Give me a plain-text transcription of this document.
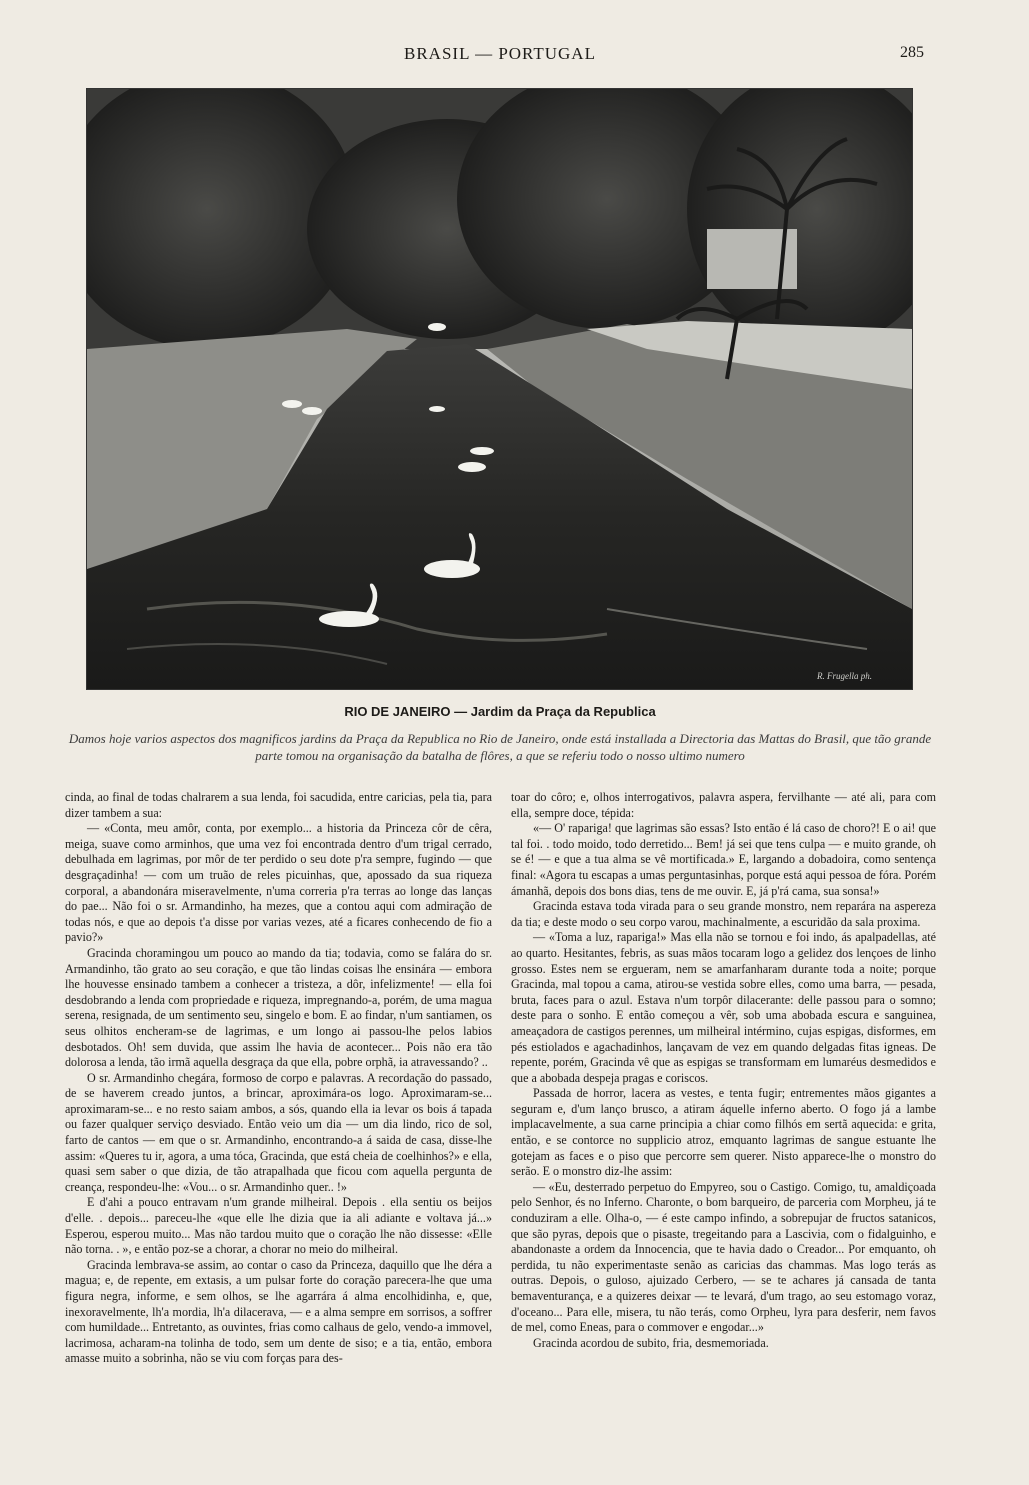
BRASIL — PORTUGAL	285
R. Frugella ph.
RIO DE JANEIRO — Jardim da Praça da Republica
Damos hoje varios aspectos dos magnificos jardins da Praça da Republica no Rio de Janeiro, onde está installada a Directoria das Mattas do Brasil, que tão grande parte tomou na organisação da batalha de flôres, a que se referiu todo o nosso ultimo numero

cinda, ao final de todas chalrarem a sua lenda, foi sacudida, entre caricias, pela tia, para dizer tambem a sua:

— «Conta, meu amôr, conta, por exemplo... a historia da Princeza côr de cêra, meiga, suave como arminhos, que uma vez foi encontrada dentro d'um trigal cerrado, debulhada em lagrimas, por môr de ter perdido o seu dote p'ra sempre, fugindo — que desgraçadinha! — com um truão de reles picuinhas, que, apossado da sua riqueza corporal, a abandonára miseravelmente, n'uma correria p'ra terras ao longe das lanças do pae... Não foi o sr. Armandinho, ha mezes, que a contou aqui com admiração de todas nós, e que ao depois t'a disse por varias vezes, até a ficares conhecendo de fio a pavio?»

Gracinda choramingou um pouco ao mando da tia; todavia, como se falára do sr. Armandinho, tão grato ao seu coração, e que tão lindas coisas lhe ensinára — embora lhe houvesse ensinado tambem a conhecer a tristeza, a dôr, infelizmente! — ella foi desdobrando a lenda com propriedade e riqueza, impregnando-a, porém, de uma magua serena, resignada, de um sentimento seu, singelo e bom. E ao findar, n'um santiamen, os seus olhitos encheram-se de lagrimas, e um longo ai passou-lhe pelos labios desbotados. Oh! sem duvida, que assim lhe havia de acontecer... Pois não era tão dolorosa a lenda, tão irmã aquella desgraça da que ella, pobre orphã, ia atravessando? ..

O sr. Armandinho chegára, formoso de corpo e palavras. A recordação do passado, de se haverem creado juntos, a brincar, aproximára-os logo. Aproximaram-se... aproximaram-se... e no resto saiam ambos, a sós, quando ella ia levar os bois á tapada ou fazer qualquer serviço desviado. Então veio um dia — um dia lindo, rico de sol, farto de cantos — em que o sr. Armandinho, encontrando-a á saida de casa, disse-lhe assim: «Queres tu ir, agora, a uma tóca, Gracinda, que está cheia de coelhinhos?» e ella, quasi sem saber o que dizia, de tão atrapalhada que ficou com aquella pergunta de creança, respondeu-lhe: «Vou... o sr. Armandinho quer.. !»

E d'ahi a pouco entravam n'um grande milheiral. Depois . ella sentiu os beijos d'elle. . depois... pareceu-lhe «que elle lhe dizia que ia ali adiante e voltava já...» Esperou, esperou muito... Mas não tardou muito que o coração lhe não dissesse: «Elle não torna. . », e então poz-se a chorar, a chorar no meio do milheiral.

Gracinda lembrava-se assim, ao contar o caso da Princeza, daquillo que lhe déra a magua; e, de repente, em extasis, a um pulsar forte do coração parecera-lhe que uma figura negra, informe, e sem olhos, se lhe agarrára á alma encolhidinha, e, que, inexoravelmente, lh'a mordia, lh'a dilacerava, — e a alma sempre em sorrisos, a soffrer com humildade... Entretanto, as ouvintes, frias como calhaus de gelo, vendo-a immovel, lacrimosa, acharam-na tolinha de todo, sem um dente de siso; e a tia, então, embora amasse muito a sobrinha, não se viu com forças para des-

toar do côro; e, olhos interrogativos, palavra aspera, fervilhante — até ali, para com ella, sempre doce, tépida:

«— O' rapariga! que lagrimas são essas? Isto então é lá caso de choro?! E o ai! que tal foi. . todo moido, todo derretido... Bem! já sei que tens culpa — e muito grande, oh se é! — e que a tua alma se vê mortificada.» E, largando a dobadoira, como sentença final: «Agora tu escapas a umas perguntasinhas, porque está aqui pessoa de fóra. Porém ámanhã, depois dos bons dias, tens de me ouvir. E, já p'rá cama, sua sonsa!»

Gracinda estava toda virada para o seu grande monstro, nem reparára na aspereza da tia; e deste modo o seu corpo varou, machinalmente, a escuridão da sala proxima.

— «Toma a luz, rapariga!» Mas ella não se tornou e foi indo, ás apalpadellas, até ao quarto. Hesitantes, febris, as suas mãos tocaram logo a gelidez dos lençoes de linho grosso. Estes nem se ergueram, nem se amarfanharam durante toda a noite; porque Gracinda, mal topou a cama, atirou-se vestida sobre elles, como uma barra, — pesada, bruta, faces para o azul. Estava n'um torpôr dilacerante: delle passou para o somno; deste para o sonho. E então começou a vêr, sob uma abobada escura e sanguinea, ameaçadora de castigos perennes, um milheiral intérmino, cujas espigas, disformes, em pés estiolados e agachadinhos, lançavam de vez em quando delgadas fitas igneas. De repente, porém, Gracinda vê que as espigas se transformam em lumaréus desmedidos e que a abobada despeja pragas e coriscos.

Passada de horror, lacera as vestes, e tenta fugir; entrementes mãos gigantes a seguram e, d'um lanço brusco, a atiram áquelle inferno aberto. O fogo já a lambe implacavelmente, a sua carne principia a chiar como filhós em sertã aquecida: e grita, então, e se contorce no supplicio atroz, emquanto lagrimas de sangue estuante lhe gotejam as faces e o piso que percorre sem querer. Nisto apparece-lhe o monstro do serão. E o monstro diz-lhe assim:

— «Eu, desterrado perpetuo do Empyreo, sou o Castigo. Comigo, tu, amaldiçoada pelo Senhor, és no Inferno. Charonte, o bom barqueiro, de parceria com Morpheu, já te conduziram a elle. Olha-o, — é este campo infindo, a sobrepujar de fructos satanicos, que são pyras, depois que o pisaste, tregeitando para a Lascivia, com o fidalguinho, e abandonaste a ordem da Innocencia, que te havia dado o Creador... Por emquanto, oh perdida, tu não experimentaste senão as caricias das chammas. Mas logo terás as outras. Depois, o guloso, ajuizado Cerbero, — se te achares já cansada de tanta bemaventurança, e a quizeres deixar — te levará, d'um trago, ao seu estomago voraz, d'oceano... Para elle, misera, tu não terás, como Orpheu, lyra para desferir, nem favos de mel, como Eneas, para o commover e engodar...»

Gracinda acordou de subito, fria, desmemoriada.
